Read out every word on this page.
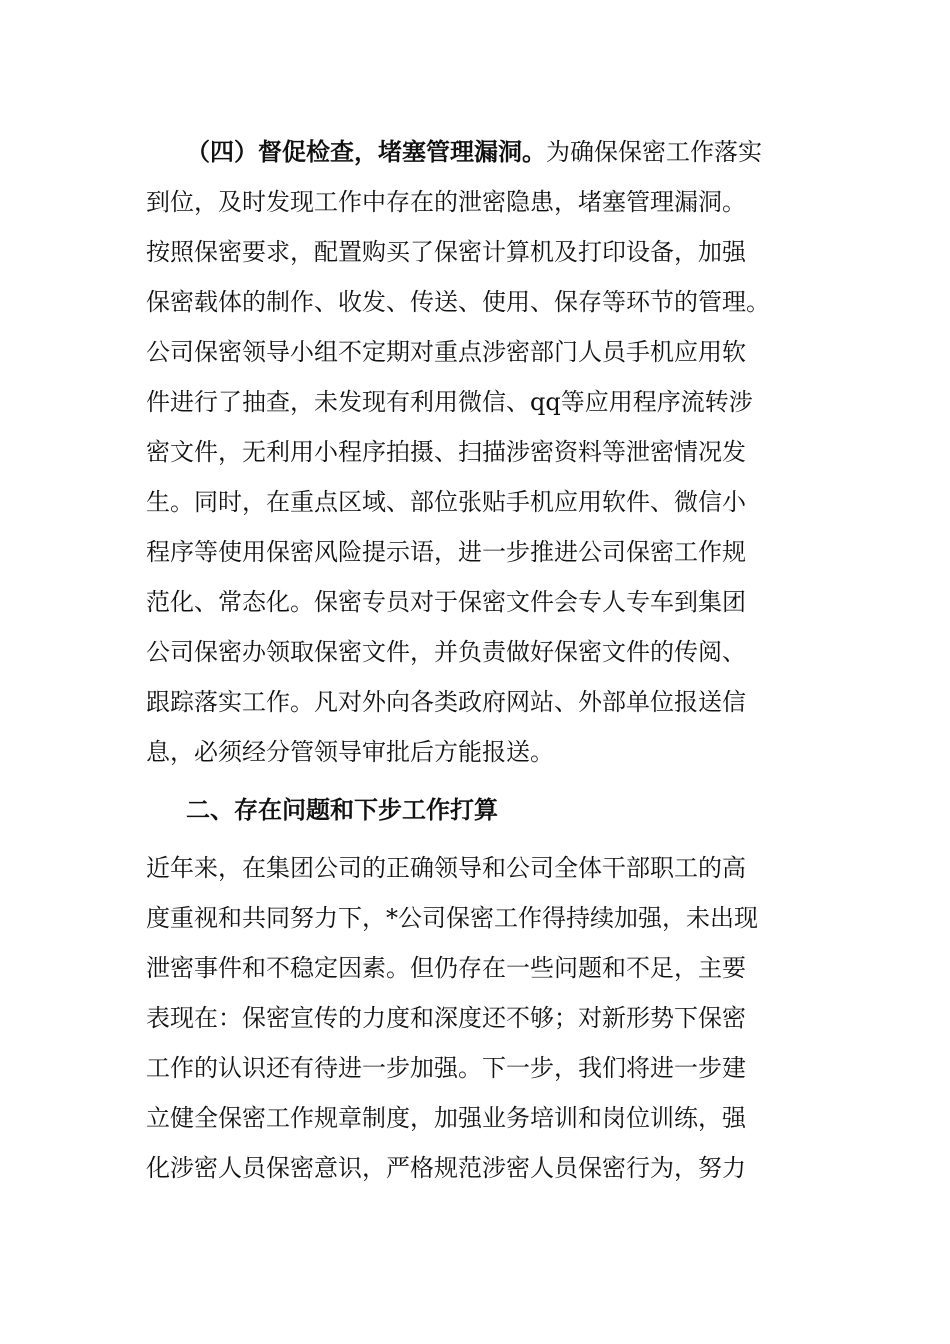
（四）督促检查，堵塞管理漏洞。为确保保密工作落实
到位，及时发现工作中存在的泄密隐患，堵塞管理漏洞。
按照保密要求，配置购买了保密计算机及打印设备，加强
保密载体的制作、收发、传送、使用、保存等环节的管理。
公司保密领导小组不定期对重点涉密部门人员手机应用软
件进行了抽查，未发现有利用微信、qq等应用程序流转涉
密文件，无利用小程序拍摄、扫描涉密资料等泄密情况发
生。同时，在重点区域、部位张贴手机应用软件、微信小
程序等使用保密风险提示语，进一步推进公司保密工作规
范化、常态化。保密专员对于保密文件会专人专车到集团
公司保密办领取保密文件，并负责做好保密文件的传阅、
跟踪落实工作。凡对外向各类政府网站、外部单位报送信
息，必须经分管领导审批后方能报送。
二、存在问题和下步工作打算
近年来，在集团公司的正确领导和公司全体干部职工的高
度重视和共同努力下，*公司保密工作得持续加强，未出现
泄密事件和不稳定因素。但仍存在一些问题和不足，主要
表现在：保密宣传的力度和深度还不够；对新形势下保密
工作的认识还有待进一步加强。下一步，我们将进一步建
立健全保密工作规章制度，加强业务培训和岗位训练，强
化涉密人员保密意识，严格规范涉密人员保密行为，努力
